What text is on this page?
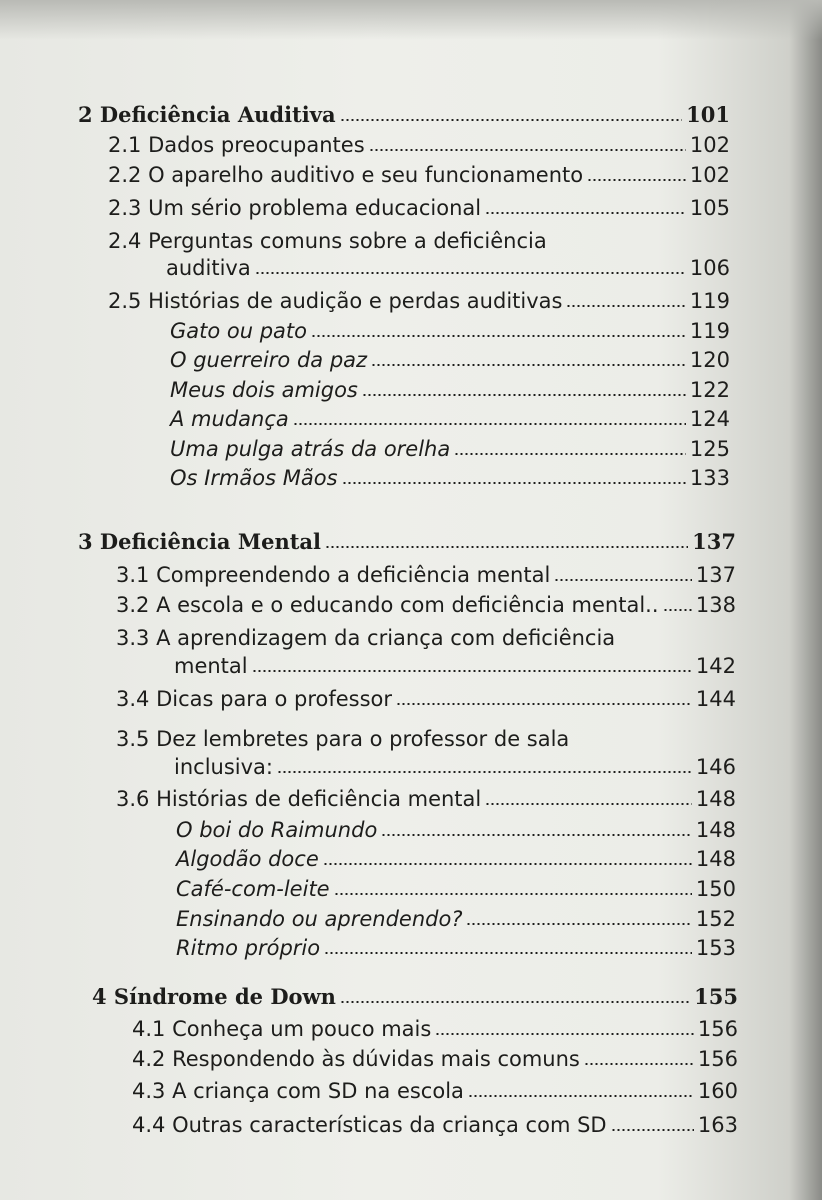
2 Deficiência Auditiva	101
2.1 Dados preocupantes	102
2.2 O aparelho auditivo e seu funcionamento	102
2.3 Um sério problema educacional	105
2.4 Perguntas comuns sobre a deficiência
auditiva	106
2.5 Histórias de audição e perdas auditivas	119
Gato ou pato	119
O guerreiro da paz	120
Meus dois amigos	122
A mudança	124
Uma pulga atrás da orelha	125
Os Irmãos Mãos	133
3 Deficiência Mental	137
3.1 Compreendendo a deficiência mental	137
3.2 A escola e o educando com deficiência mental.. 138
3.3 A aprendizagem da criança com deficiência
mental	142
3.4 Dicas para o professor	144
3.5 Dez lembretes para o professor de sala
inclusiva:	146
3.6 Histórias de deficiência mental	148
O boi do Raimundo	148
Algodão doce	148
Café-com-leite	150
Ensinando ou aprendendo?	152
Ritmo próprio	153
4 Síndrome de Down	155
4.1 Conheça um pouco mais	156
4.2 Respondendo às dúvidas mais comuns	156
4.3 A criança com SD na escola	160
4.4 Outras características da criança com SD	163
